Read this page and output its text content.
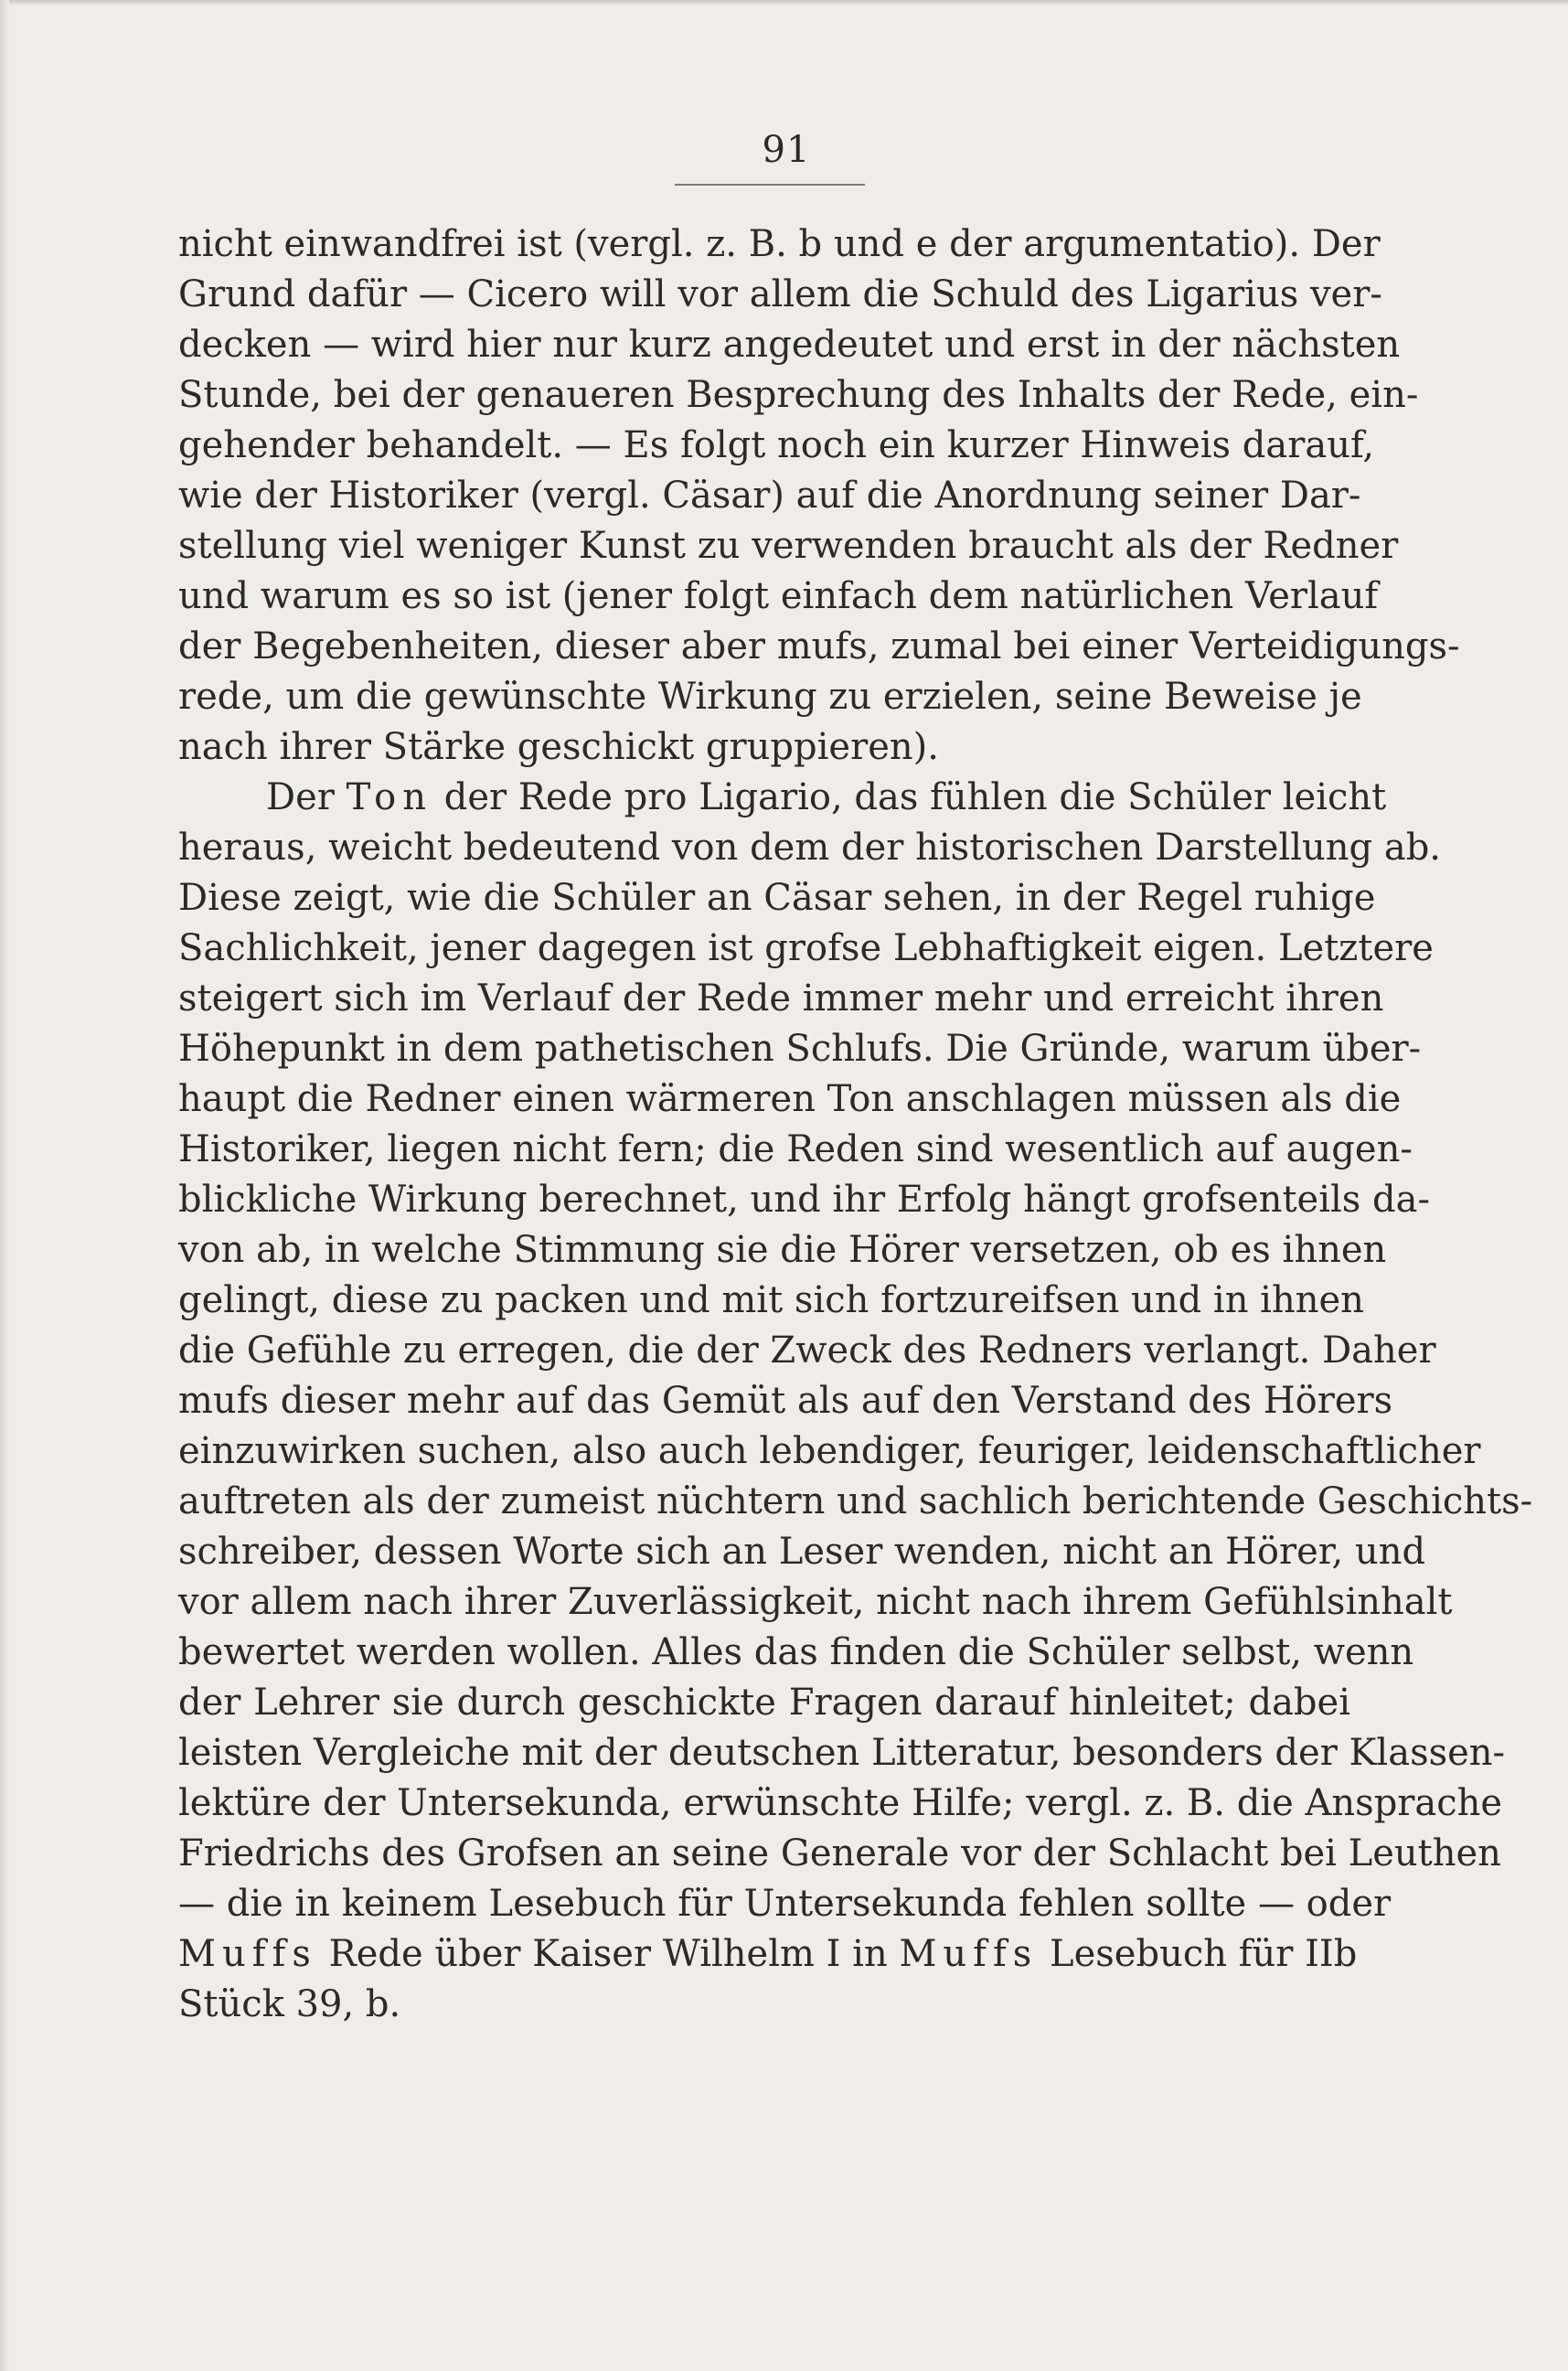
91
nicht einwandfrei ist (vergl. z. B. b und e der argumentatio). Der
Grund dafür — Cicero will vor allem die Schuld des Ligarius ver-
decken — wird hier nur kurz angedeutet und erst in der nächsten
Stunde, bei der genaueren Besprechung des Inhalts der Rede, ein-
gehender behandelt. — Es folgt noch ein kurzer Hinweis darauf,
wie der Historiker (vergl. Cäsar) auf die Anordnung seiner Dar-
stellung viel weniger Kunst zu verwenden braucht als der Redner
und warum es so ist (jener folgt einfach dem natürlichen Verlauf
der Begebenheiten, dieser aber mufs, zumal bei einer Verteidigungs-
rede, um die gewünschte Wirkung zu erzielen, seine Beweise je
nach ihrer Stärke geschickt gruppieren).
Der Ton der Rede pro Ligario, das fühlen die Schüler leicht
heraus, weicht bedeutend von dem der historischen Darstellung ab.
Diese zeigt, wie die Schüler an Cäsar sehen, in der Regel ruhige
Sachlichkeit, jener dagegen ist grofse Lebhaftigkeit eigen. Letztere
steigert sich im Verlauf der Rede immer mehr und erreicht ihren
Höhepunkt in dem pathetischen Schlufs. Die Gründe, warum über-
haupt die Redner einen wärmeren Ton anschlagen müssen als die
Historiker, liegen nicht fern; die Reden sind wesentlich auf augen-
blickliche Wirkung berechnet, und ihr Erfolg hängt grofsenteils da-
von ab, in welche Stimmung sie die Hörer versetzen, ob es ihnen
gelingt, diese zu packen und mit sich fortzureifsen und in ihnen
die Gefühle zu erregen, die der Zweck des Redners verlangt. Daher
mufs dieser mehr auf das Gemüt als auf den Verstand des Hörers
einzuwirken suchen, also auch lebendiger, feuriger, leidenschaftlicher
auftreten als der zumeist nüchtern und sachlich berichtende Geschichts-
schreiber, dessen Worte sich an Leser wenden, nicht an Hörer, und
vor allem nach ihrer Zuverlässigkeit, nicht nach ihrem Gefühlsinhalt
bewertet werden wollen. Alles das finden die Schüler selbst, wenn
der Lehrer sie durch geschickte Fragen darauf hinleitet; dabei
leisten Vergleiche mit der deutschen Litteratur, besonders der Klassen-
lektüre der Untersekunda, erwünschte Hilfe; vergl. z. B. die Ansprache
Friedrichs des Grofsen an seine Generale vor der Schlacht bei Leuthen
— die in keinem Lesebuch für Untersekunda fehlen sollte — oder
Muffs Rede über Kaiser Wilhelm I in Muffs Lesebuch für IIb
Stück 39, b.
